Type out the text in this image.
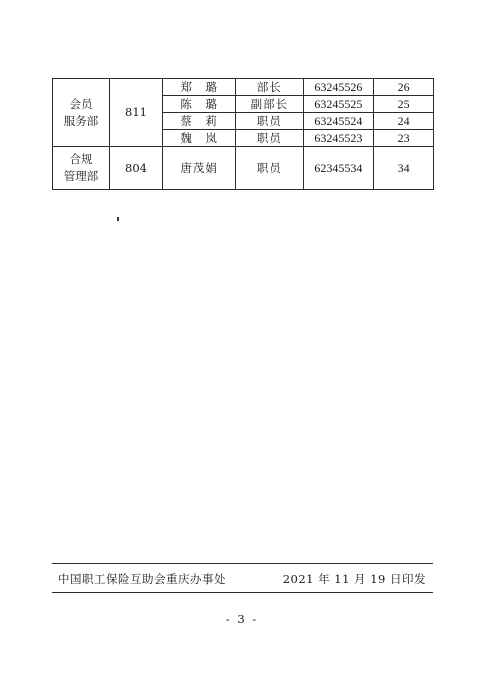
会员
服务部	811	郑　璐	部长	63245526	26
		陈　璐	副部长	63245525	25
		蔡　莉	职员	63245524	24
		魏　岚	职员	63245523	23
合规
管理部	804	唐茂娟	职员	62345534	34
中国职工保险互助会重庆办事处	2021 年 11 月 19 日印发
- 3 -
